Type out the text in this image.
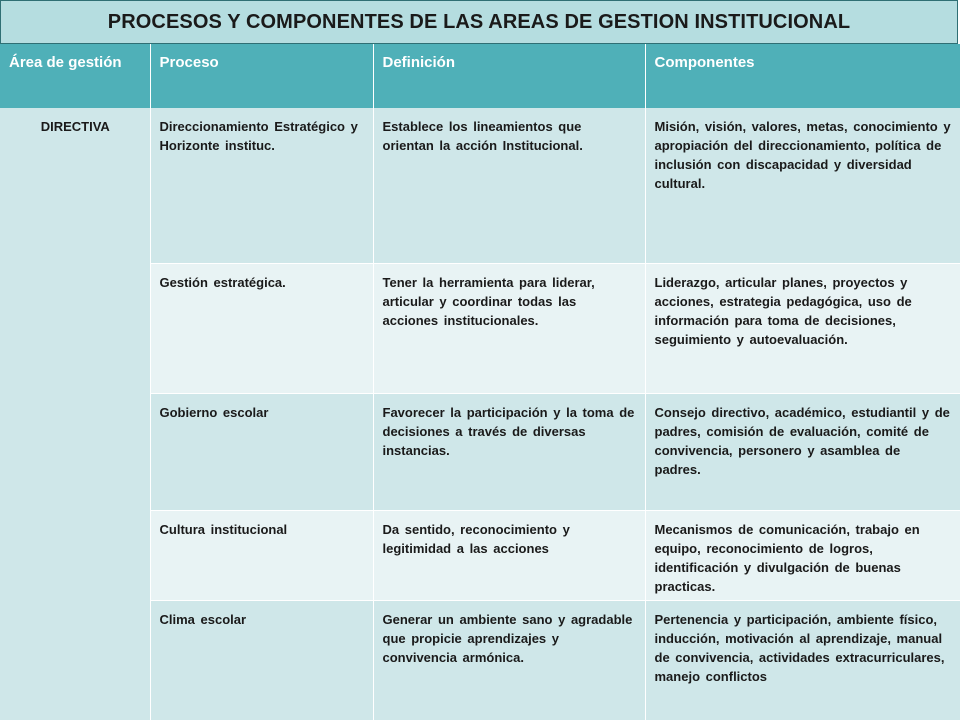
PROCESOS Y COMPONENTES DE LAS AREAS DE GESTION INSTITUCIONAL
Área de gestión	Proceso	Definición	Componentes
DIRECTIVA	Direccionamiento Estratégico y Horizonte instituc.	Establece los lineamientos que orientan la acción Institucional.	Misión, visión, valores, metas, conocimiento y apropiación del direccionamiento, política de inclusión con discapacidad y diversidad cultural.
	Gestión estratégica.	Tener la herramienta para liderar, articular y coordinar todas las acciones institucionales.	Liderazgo, articular planes, proyectos y acciones, estrategia pedagógica, uso de información para toma de decisiones, seguimiento y autoevaluación.
	Gobierno escolar	Favorecer la participación y la toma de decisiones a través de diversas instancias.	Consejo directivo, académico, estudiantil y de padres, comisión de evaluación, comité de convivencia, personero y asamblea de padres.
	Cultura institucional	Da sentido, reconocimiento y legitimidad a las acciones	Mecanismos de comunicación, trabajo en equipo, reconocimiento de logros, identificación y divulgación de buenas practicas.
	Clima escolar	Generar un ambiente sano y agradable que propicie aprendizajes y convivencia armónica.	Pertenencia y participación, ambiente físico, inducción, motivación al aprendizaje, manual de convivencia, actividades extracurriculares, manejo conflictos
